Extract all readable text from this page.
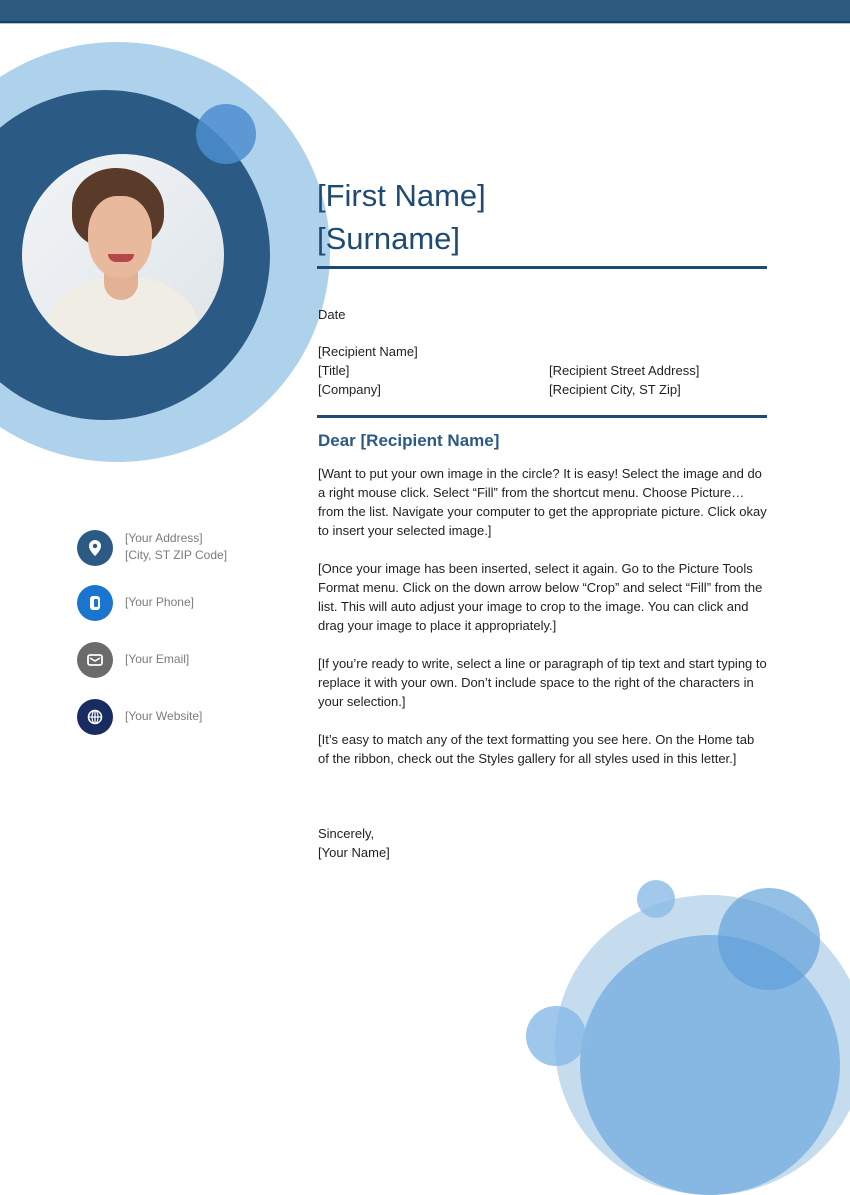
[First Name]
[Surname]
Date
[Recipient Name]
[Title]
[Company]
[Recipient Street Address]
[Recipient City, ST Zip]
Dear [Recipient Name]

[Want to put your own image in the circle? It is easy! Select the image and do a right mouse click. Select “Fill” from the shortcut menu. Choose Picture… from the list. Navigate your computer to get the appropriate picture. Click okay to insert your selected image.]

[Once your image has been inserted, select it again. Go to the Picture Tools Format menu. Click on the down arrow below “Crop” and select “Fill” from the list. This will auto adjust your image to crop to the image. You can click and drag your image to place it appropriately.]

[If you’re ready to write, select a line or paragraph of tip text and start typing to replace it with your own. Don’t include space to the right of the characters in your selection.]

[It’s easy to match any of the text formatting you see here. On the Home tab of the ribbon, check out the Styles gallery for all styles used in this letter.]

Sincerely,
[Your Name]
[Your Address]
[City, ST ZIP Code]
[Your Phone]
[Your Email]
[Your Website]
